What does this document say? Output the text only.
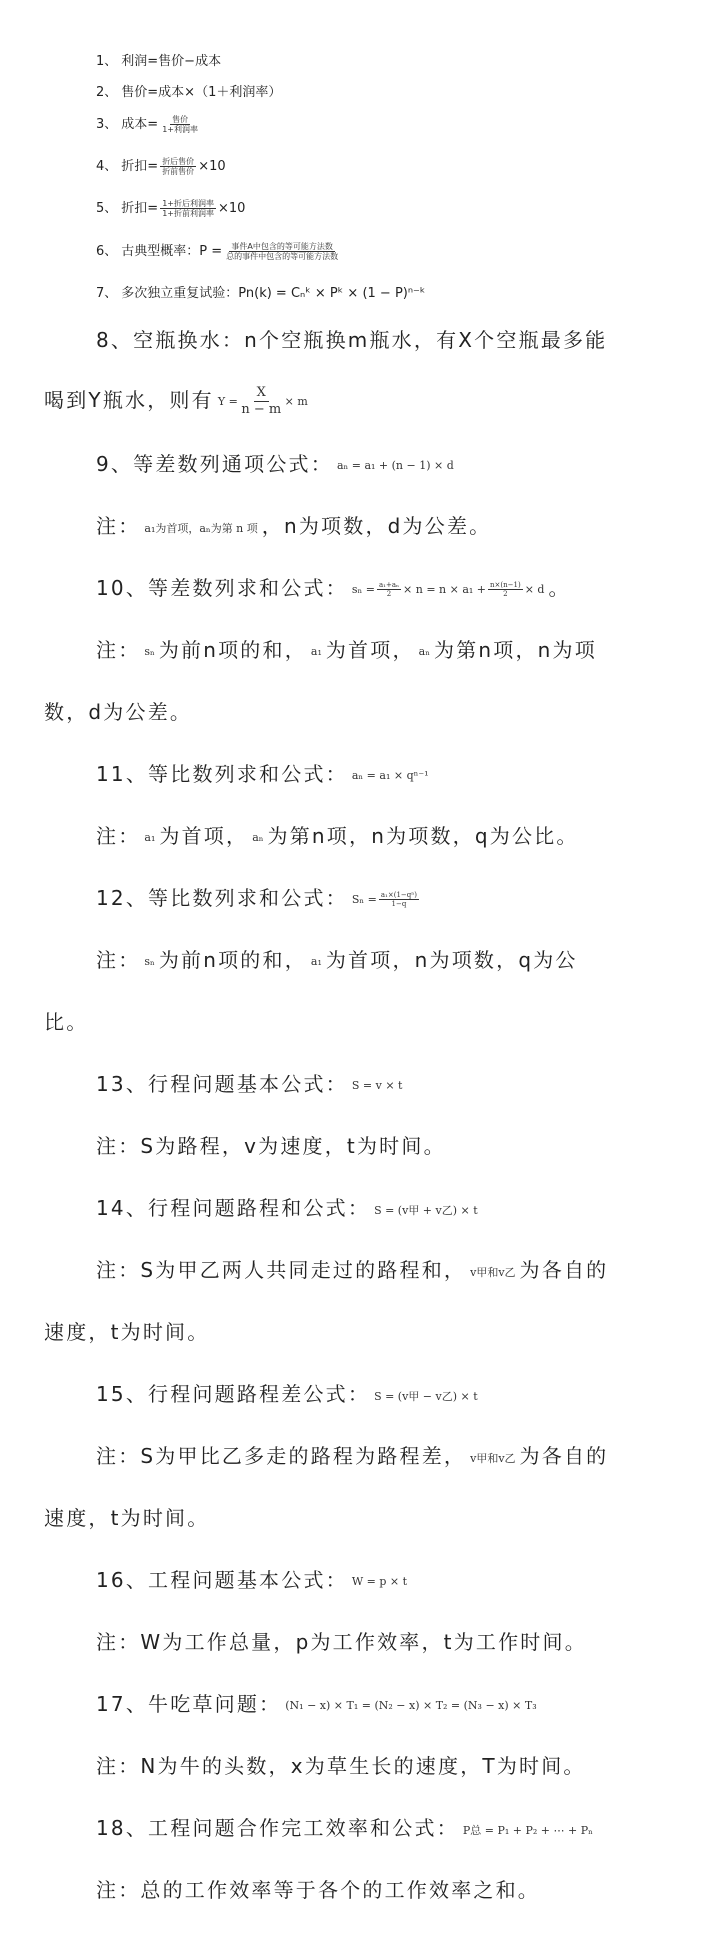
1、 利润=售价−成本
2、 售价=成本×（1＋利润率）
3、 成本= 售价
1+利润率
4、 折扣= 折后售价
折前售价 ×10
5、 折扣= 1+折后利润率
1+折前利润率 ×10
6、 古典型概率：P = 事件A中包含的等可能方法数
总的事件中包含的等可能方法数
7、 多次独立重复试验：Pn(k) = Cₙᵏ × Pᵏ × (1 − P)ⁿ⁻ᵏ
8、空瓶换水：n个空瓶换m瓶水，有X个空瓶最多能
喝到Y瓶水，则有 $Y = \frac{X}{n - m} \times m$
9、等差数列通项公式： aₙ = a₁ + (n − 1) × d
注： a₁为首项，aₙ为第 n 项 ，n为项数，d为公差。
10、等差数列求和公式： $s_n = \frac{\text{a₁+aₙ}}{2} \times n = n \times a_1 + \frac{n\times(n-1)}{2} \times d$ 。
注： sₙ 为前n项的和， a₁ 为首项， aₙ 为第n项，n为项
数，d为公差。
11、等比数列求和公式： aₙ = a₁ × qⁿ⁻¹
注： a₁ 为首项， aₙ 为第n项，n为项数，q为公比。
12、等比数列求和公式： $S_n = \frac{\text{a₁×(1−qⁿ)}}{1-q}$
注： sₙ 为前n项的和， a₁ 为首项，n为项数，q为公
比。
13、行程问题基本公式： S = v × t
注：S为路程，v为速度，t为时间。
14、行程问题路程和公式： S = (v甲 + v乙) × t
注：S为甲乙两人共同走过的路程和， v甲和v乙 为各自的
速度，t为时间。
15、行程问题路程差公式： S = (v甲 − v乙) × t
注：S为甲比乙多走的路程为路程差， v甲和v乙 为各自的
速度，t为时间。
16、工程问题基本公式： W = p × t
注：W为工作总量，p为工作效率，t为工作时间。
17、牛吃草问题： (N₁ − x) × T₁ = (N₂ − x) × T₂ = (N₃ − x) × T₃
注：N为牛的头数，x为草生长的速度，T为时间。
18、工程问题合作完工效率和公式： P总 = P₁ + P₂ + ⋯ + Pₙ
注：总的工作效率等于各个的工作效率之和。
